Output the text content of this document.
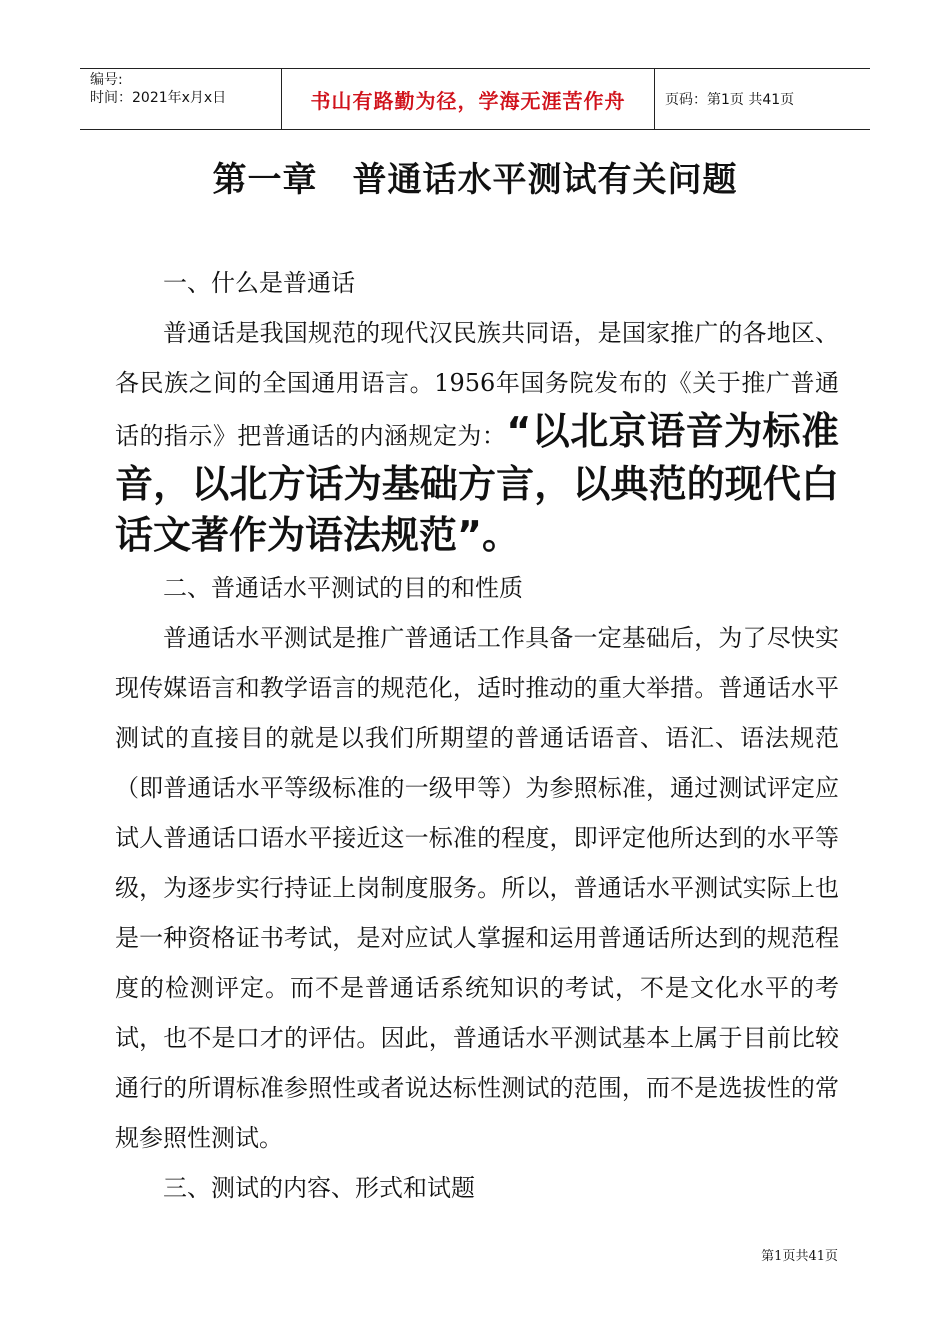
编号:
时间：2021年x月x日	书山有路勤为径，学海无涯苦作舟	页码：第1页 共41页
第一章　普通话水平测试有关问题

一、什么是普通话

普通话是我国规范的现代汉民族共同语，是国家推广的各地区、各民族之间的全国通用语言。1956年国务院发布的《关于推广普通话的指示》把普通话的内涵规定为：“以北京语音为标准音，以北方话为基础方言，以典范的现代白话文著作为语法规范”。

二、普通话水平测试的目的和性质

普通话水平测试是推广普通话工作具备一定基础后，为了尽快实现传媒语言和教学语言的规范化，适时推动的重大举措。普通话水平测试的直接目的就是以我们所期望的普通话语音、语汇、语法规范（即普通话水平等级标准的一级甲等）为参照标准，通过测试评定应试人普通话口语水平接近这一标准的程度，即评定他所达到的水平等级，为逐步实行持证上岗制度服务。所以，普通话水平测试实际上也是一种资格证书考试，是对应试人掌握和运用普通话所达到的规范程度的检测评定。而不是普通话系统知识的考试，不是文化水平的考试，也不是口才的评估。因此，普通话水平测试基本上属于目前比较通行的所谓标准参照性或者说达标性测试的范围，而不是选拔性的常规参照性测试。

三、测试的内容、形式和试题

第1页共41页
